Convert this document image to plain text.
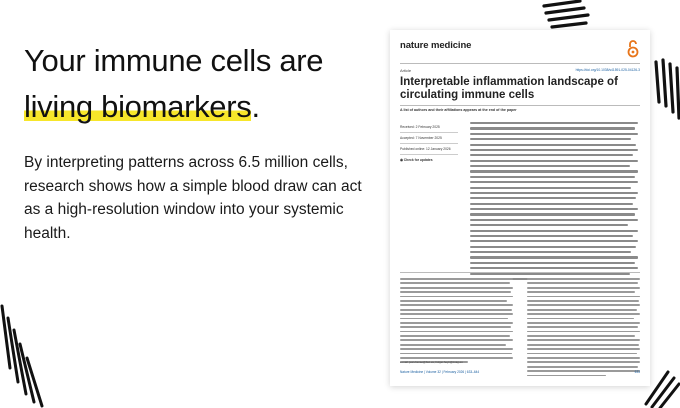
Your immune cells are
living biomarkers.
By interpreting patterns across 6.5 million cells, research shows how a simple blood draw can act as a high-resolution window into your systemic health.
nature medicine
Article	https://doi.org/10.1038/s41591-025-04126-3
Interpretable inflammation landscape of circulating immune cells
A list of authors and their affiliations appears at the end of the paper
Received: 2 February 2025
Accepted: 7 November 2025
Published online: 12 January 2026
◉ Check for updates
e-mail: juan.henao@bsc.es; holger.heyn@cnag.eu
Nature Medicine | Volume 32 | February 2026 | 633–644	633
